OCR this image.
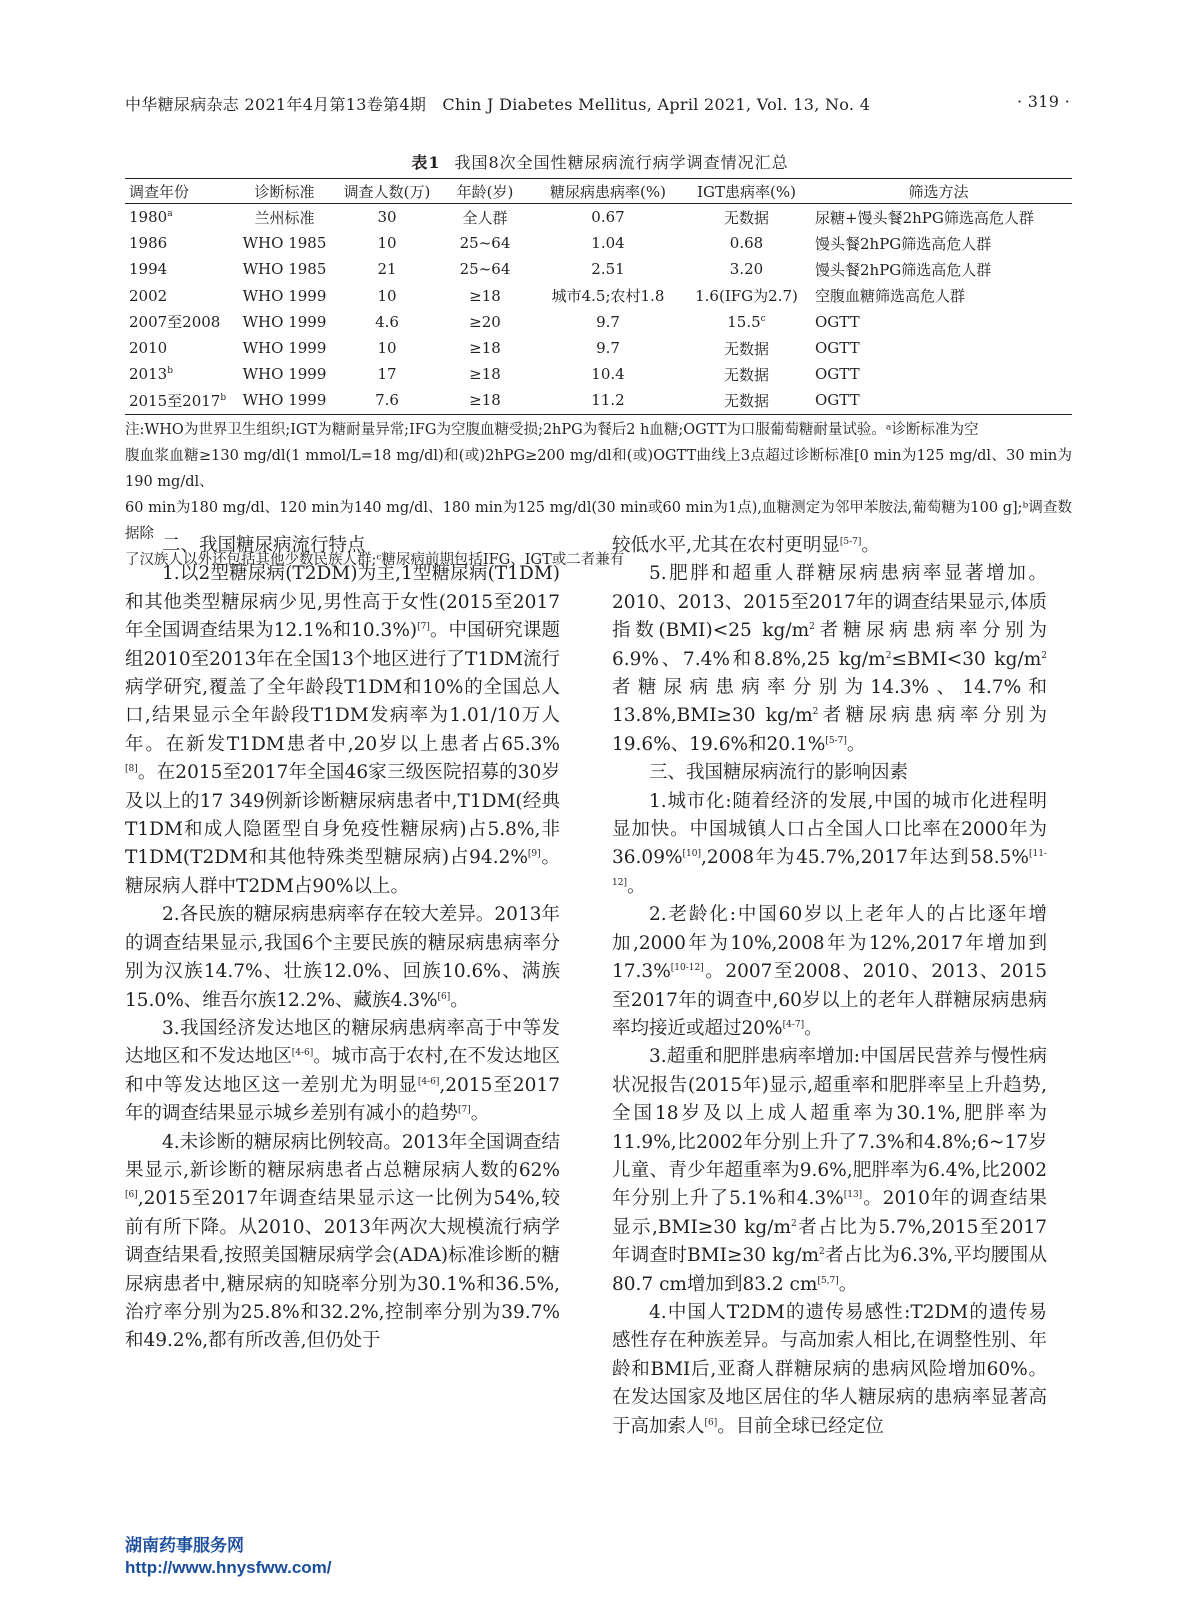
中华糖尿病杂志 2021年4月第13卷第4期　Chin J Diabetes Mellitus, April 2021, Vol. 13, No. 4	· 319 ·
表1 我国8次全国性糖尿病流行病学调查情况汇总
调查年份	诊断标准	调查人数(万)	年龄(岁)	糖尿病患病率(%)	IGT患病率(%)	筛选方法
1980$^a$	兰州标准	30	全人群	0.67	无数据	尿糖+馒头餐2hPG筛选高危人群
1986	WHO 1985	10	25~64	1.04	0.68	馒头餐2hPG筛选高危人群
1994	WHO 1985	21	25~64	2.51	3.20	馒头餐2hPG筛选高危人群
2002	WHO 1999	10	≥18	城市4.5;农村1.8	1.6(IFG为2.7)	空腹血糖筛选高危人群
2007至2008	WHO 1999	4.6	≥20	9.7	15.5$^c$	OGTT
2010	WHO 1999	10	≥18	9.7	无数据	OGTT
2013$^b$	WHO 1999	17	≥18	10.4	无数据	OGTT
2015至2017$^b$	WHO 1999	7.6	≥18	11.2	无数据	OGTT
注:WHO为世界卫生组织;IGT为糖耐量异常;IFG为空腹血糖受损;2hPG为餐后2 h血糖;OGTT为口服葡萄糖耐量试验。ᵃ诊断标准为空
腹血浆血糖≥130 mg/dl(1 mmol/L=18 mg/dl)和(或)2hPG≥200 mg/dl和(或)OGTT曲线上3点超过诊断标准[0 min为125 mg/dl、30 min为190 mg/dl、
60 min为180 mg/dl、120 min为140 mg/dl、180 min为125 mg/dl(30 min或60 min为1点),血糖测定为邻甲苯胺法,葡萄糖为100 g];ᵇ调查数据除
了汉族人以外还包括其他少数民族人群;ᶜ糖尿病前期包括IFG、IGT或二者兼有

二、我国糖尿病流行特点

1.以2型糖尿病(T2DM)为主,1型糖尿病(T1DM)和其他类型糖尿病少见,男性高于女性(2015至2017年全国调查结果为12.1%和10.3%)[7]。中国研究课题组2010至2013年在全国13个地区进行了T1DM流行病学研究,覆盖了全年龄段T1DM和10%的全国总人口,结果显示全年龄段T1DM发病率为1.01/10万人年。在新发T1DM患者中,20岁以上患者占65.3%[8]。在2015至2017年全国46家三级医院招募的30岁及以上的17 349例新诊断糖尿病患者中,T1DM(经典T1DM和成人隐匿型自身免疫性糖尿病)占5.8%,非T1DM(T2DM和其他特殊类型糖尿病)占94.2%[9]。糖尿病人群中T2DM占90%以上。

2.各民族的糖尿病患病率存在较大差异。2013年的调查结果显示,我国6个主要民族的糖尿病患病率分别为汉族14.7%、壮族12.0%、回族10.6%、满族15.0%、维吾尔族12.2%、藏族4.3%[6]。

3.我国经济发达地区的糖尿病患病率高于中等发达地区和不发达地区[4-6]。城市高于农村,在不发达地区和中等发达地区这一差别尤为明显[4-6],2015至2017年的调查结果显示城乡差别有减小的趋势[7]。

4.未诊断的糖尿病比例较高。2013年全国调查结果显示,新诊断的糖尿病患者占总糖尿病人数的62%[6],2015至2017年调查结果显示这一比例为54%,较前有所下降。从2010、2013年两次大规模流行病学调查结果看,按照美国糖尿病学会(ADA)标准诊断的糖尿病患者中,糖尿病的知晓率分别为30.1%和36.5%,治疗率分别为25.8%和32.2%,控制率分别为39.7%和49.2%,都有所改善,但仍处于

较低水平,尤其在农村更明显[5-7]。

5.肥胖和超重人群糖尿病患病率显著增加。2010、2013、2015至2017年的调查结果显示,体质指数(BMI)<25 $kg/m^2$者糖尿病患病率分别为6.9%、7.4%和8.8%,25 $kg/m^2\le BMI<30$ $kg/m^2$者糖尿病患病率分别为14.3%、14.7%和13.8%,BMI≥30 $kg/m^2$者糖尿病患病率分别为19.6%、19.6%和20.1%[5-7]。

三、我国糖尿病流行的影响因素

1.城市化:随着经济的发展,中国的城市化进程明显加快。中国城镇人口占全国人口比率在2000年为36.09%[10],2008年为45.7%,2017年达到58.5%[11-12]。

2.老龄化:中国60岁以上老年人的占比逐年增加,2000年为10%,2008年为12%,2017年增加到17.3%[10-12]。2007至2008、2010、2013、2015至2017年的调查中,60岁以上的老年人群糖尿病患病率均接近或超过20%[4-7]。

3.超重和肥胖患病率增加:中国居民营养与慢性病状况报告(2015年)显示,超重率和肥胖率呈上升趋势,全国18岁及以上成人超重率为30.1%,肥胖率为11.9%,比2002年分别上升了7.3%和4.8%;6~17岁儿童、青少年超重率为9.6%,肥胖率为6.4%,比2002年分别上升了5.1%和4.3%[13]。2010年的调查结果显示,BMI≥30 $kg/m^2$者占比为5.7%,2015至2017年调查时BMI≥30 $kg/m^2$者占比为6.3%,平均腰围从80.7 cm增加到83.2 cm[5,7]。

4.中国人T2DM的遗传易感性:T2DM的遗传易感性存在种族差异。与高加索人相比,在调整性别、年龄和BMI后,亚裔人群糖尿病的患病风险增加60%。在发达国家及地区居住的华人糖尿病的患病率显著高于高加索人[6]。目前全球已经定位

湖南药事服务网
http://www.hnysfww.com/
